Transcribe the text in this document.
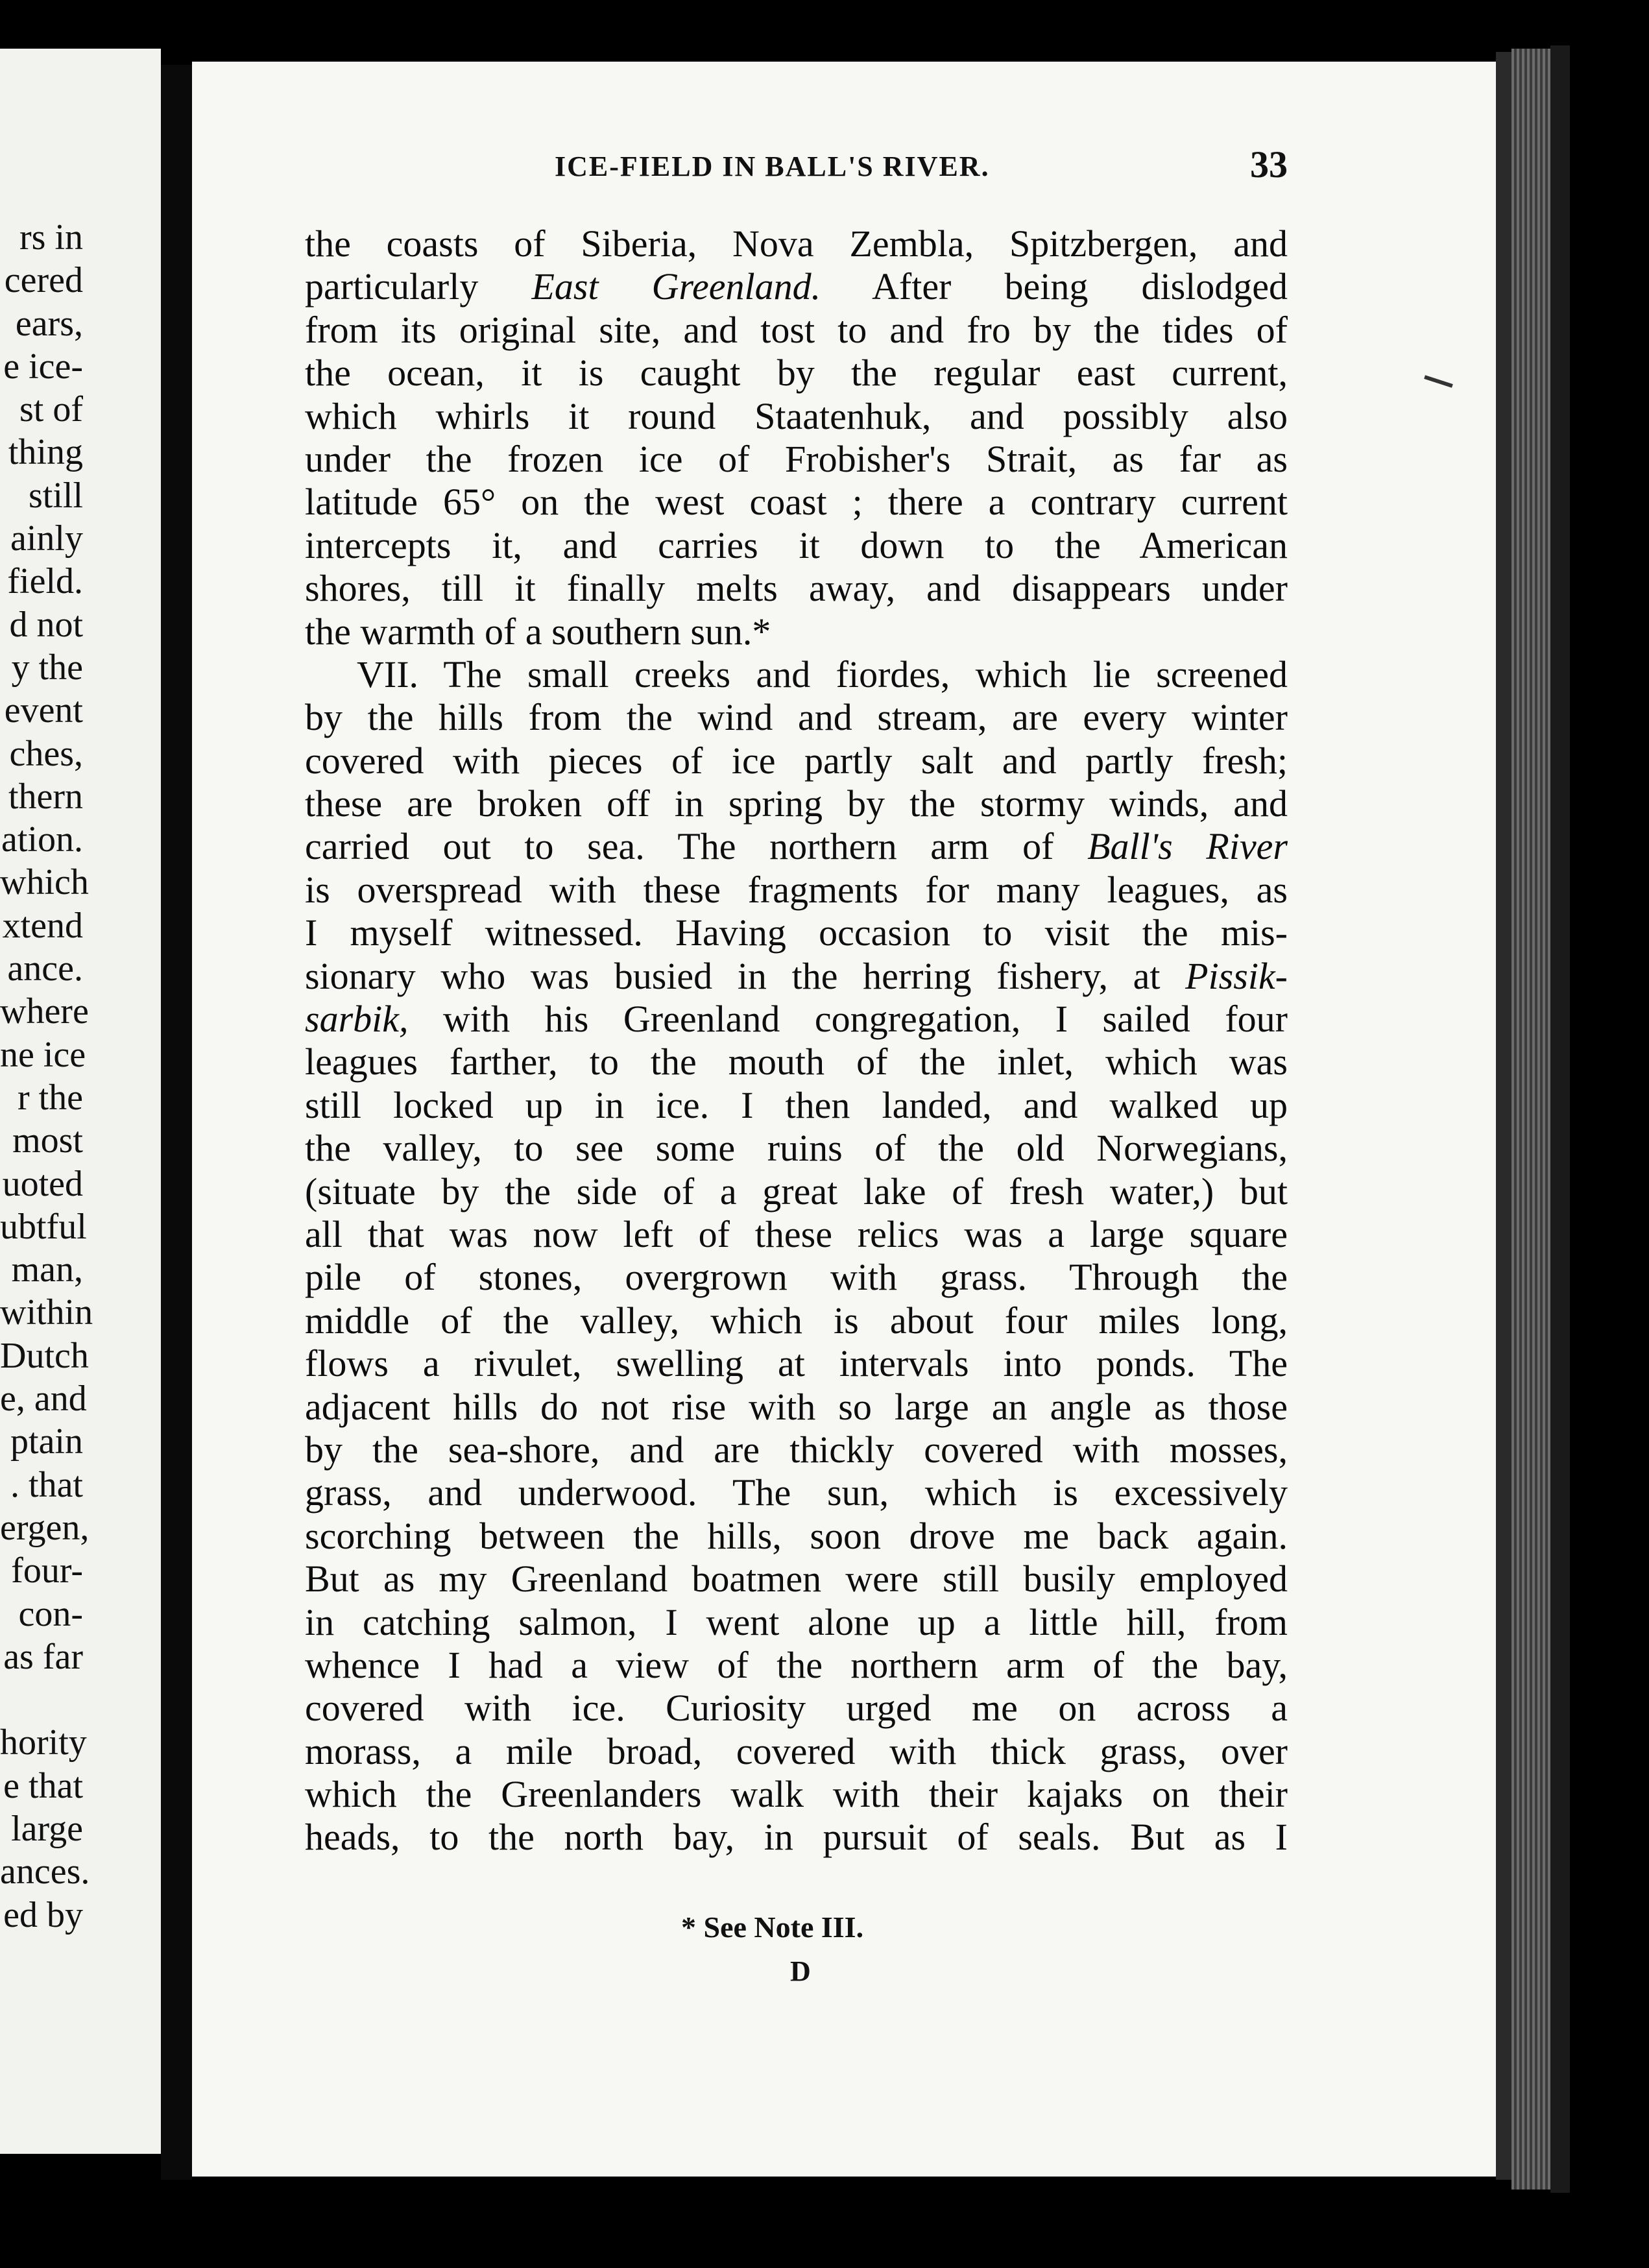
rs in
cered
ears,
e ice-
st of
thing
still
ainly
field.
d not
y the
event
ches,
thern
ation.
which
xtend
ance.
where
ne ice
r the
most
uoted
ubtful
man,
within
Dutch
e, and
ptain
. that
ergen,
four-
con-
as far
hority
e that
large
ances.
ed by
ICE-FIELD IN BALL'S RIVER.	33
the coasts of Siberia, Nova Zembla, Spitzbergen, and
particularly East Greenland. After being dislodged
from its original site, and tost to and fro by the tides of
the ocean, it is caught by the regular east current,
which whirls it round Staatenhuk, and possibly also
under the frozen ice of Frobisher's Strait, as far as
latitude 65° on the west coast ; there a contrary current
intercepts it, and carries it down to the American
shores, till it finally melts away, and disappears under
the warmth of a southern sun.*
VII. The small creeks and fiordes, which lie screened
by the hills from the wind and stream, are every winter
covered with pieces of ice partly salt and partly fresh;
these are broken off in spring by the stormy winds, and
carried out to sea. The northern arm of Ball's River
is overspread with these fragments for many leagues, as
I myself witnessed. Having occasion to visit the mis-
sionary who was busied in the herring fishery, at Pissik-
sarbik, with his Greenland congregation, I sailed four
leagues farther, to the mouth of the inlet, which was
still locked up in ice. I then landed, and walked up
the valley, to see some ruins of the old Norwegians,
(situate by the side of a great lake of fresh water,) but
all that was now left of these relics was a large square
pile of stones, overgrown with grass. Through the
middle of the valley, which is about four miles long,
flows a rivulet, swelling at intervals into ponds. The
adjacent hills do not rise with so large an angle as those
by the sea-shore, and are thickly covered with mosses,
grass, and underwood. The sun, which is excessively
scorching between the hills, soon drove me back again.
But as my Greenland boatmen were still busily employed
in catching salmon, I went alone up a little hill, from
whence I had a view of the northern arm of the bay,
covered with ice. Curiosity urged me on across a
morass, a mile broad, covered with thick grass, over
which the Greenlanders walk with their kajaks on their
heads, to the north bay, in pursuit of seals. But as I
* See Note III.
D
